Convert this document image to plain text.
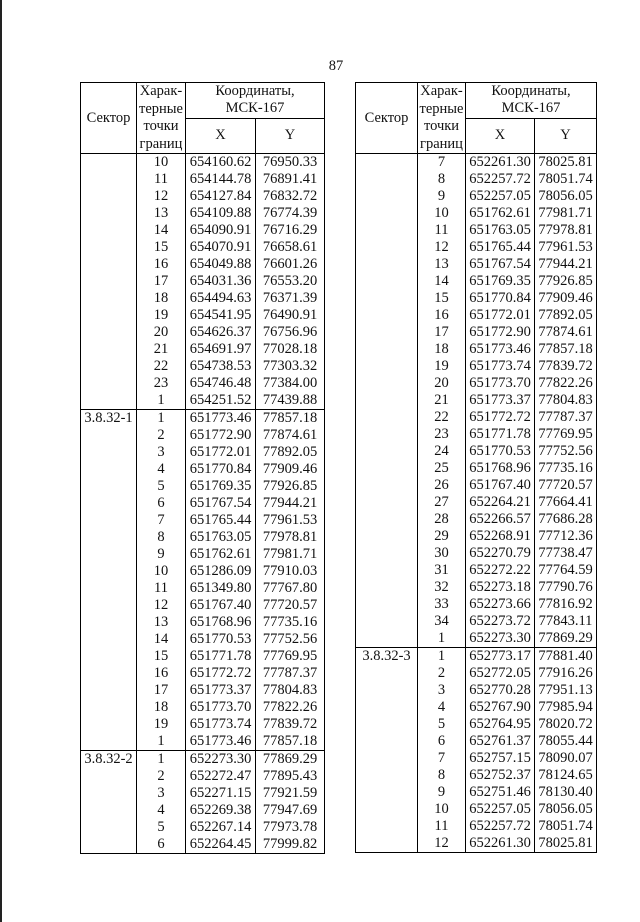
87
Сектор	Харак-
терные
точки
границ	Координаты,
МСК-167	

		X	Y
	10	654160.62	76950.33
	11	654144.78	76891.41
	12	654127.84	76832.72
	13	654109.88	76774.39
	14	654090.91	76716.29
	15	654070.91	76658.61
	16	654049.88	76601.26
	17	654031.36	76553.20
	18	654494.63	76371.39
	19	654541.95	76490.91
	20	654626.37	76756.96
	21	654691.97	77028.18
	22	654738.53	77303.32
	23	654746.48	77384.00
	1	654251.52	77439.88
3.8.32-1	1	651773.46	77857.18
	2	651772.90	77874.61
	3	651772.01	77892.05
	4	651770.84	77909.46
	5	651769.35	77926.85
	6	651767.54	77944.21
	7	651765.44	77961.53
	8	651763.05	77978.81
	9	651762.61	77981.71
	10	651286.09	77910.03
	11	651349.80	77767.80
	12	651767.40	77720.57
	13	651768.96	77735.16
	14	651770.53	77752.56
	15	651771.78	77769.95
	16	651772.72	77787.37
	17	651773.37	77804.83
	18	651773.70	77822.26
	19	651773.74	77839.72
	1	651773.46	77857.18
3.8.32-2	1	652273.30	77869.29
	2	652272.47	77895.43
	3	652271.15	77921.59
	4	652269.38	77947.69
	5	652267.14	77973.78
	6	652264.45	77999.82
Сектор	Харак-
терные
точки
границ	Координаты,
МСК-167	

		X	Y
	7	652261.30	78025.81
	8	652257.72	78051.74
	9	652257.05	78056.05
	10	651762.61	77981.71
	11	651763.05	77978.81
	12	651765.44	77961.53
	13	651767.54	77944.21
	14	651769.35	77926.85
	15	651770.84	77909.46
	16	651772.01	77892.05
	17	651772.90	77874.61
	18	651773.46	77857.18
	19	651773.74	77839.72
	20	651773.70	77822.26
	21	651773.37	77804.83
	22	651772.72	77787.37
	23	651771.78	77769.95
	24	651770.53	77752.56
	25	651768.96	77735.16
	26	651767.40	77720.57
	27	652264.21	77664.41
	28	652266.57	77686.28
	29	652268.91	77712.36
	30	652270.79	77738.47
	31	652272.22	77764.59
	32	652273.18	77790.76
	33	652273.66	77816.92
	34	652273.72	77843.11
	1	652273.30	77869.29
3.8.32-3	1	652773.17	77881.40
	2	652772.05	77916.26
	3	652770.28	77951.13
	4	652767.90	77985.94
	5	652764.95	78020.72
	6	652761.37	78055.44
	7	652757.15	78090.07
	8	652752.37	78124.65
	9	652751.46	78130.40
	10	652257.05	78056.05
	11	652257.72	78051.74
	12	652261.30	78025.81
